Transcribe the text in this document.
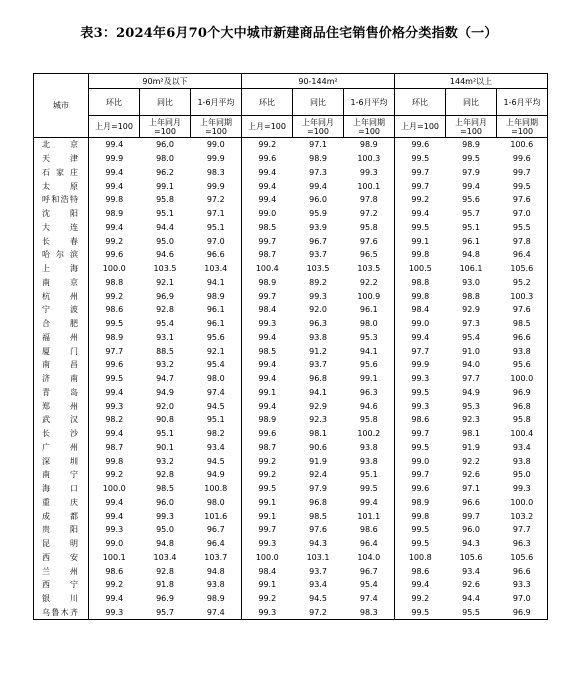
表3：2024年6月70个大中城市新建商品住宅销售价格分类指数（一）
城市	90m²及以下			90-144m²			144m²以上		
	环比	同比	1-6月平均	环比	同比	1-6月平均	环比	同比	1-6月平均
	上月=100	上年同月=100	上年同期=100	上月=100	上年同月=100	上年同期=100	上月=100	上年同月=100	上年同期=100
北京	99.4	96.0	99.0	99.2	97.1	98.9	99.6	98.9	100.6
天津	99.9	98.0	99.9	99.6	98.9	100.3	99.5	99.5	99.6
石家庄	99.4	96.2	98.3	99.4	97.3	99.3	99.7	97.9	99.7
太原	99.4	99.1	99.9	99.4	99.4	100.1	99.7	99.4	99.5
呼和浩特	99.8	95.8	97.2	99.4	96.0	97.8	99.2	95.6	97.6
沈阳	98.9	95.1	97.1	99.0	95.9	97.2	99.4	95.7	97.0
大连	99.4	94.4	95.1	98.5	93.9	95.8	99.5	95.1	95.5
长春	99.2	95.0	97.0	99.7	96.7	97.6	99.1	96.1	97.8
哈尔滨	99.6	94.6	96.6	98.7	93.7	96.5	99.8	94.8	96.4
上海	100.0	103.5	103.4	100.4	103.5	103.5	100.5	106.1	105.6
南京	98.8	92.1	94.1	98.9	89.2	92.2	98.8	93.0	95.2
杭州	99.2	96.9	98.9	99.7	99.3	100.9	99.8	98.8	100.3
宁波	98.6	92.8	96.1	98.4	92.0	96.1	98.4	92.9	97.6
合肥	99.5	95.4	96.1	99.3	96.3	98.0	99.0	97.3	98.5
福州	98.9	93.1	95.6	99.4	93.8	95.3	99.4	95.4	96.6
厦门	97.7	88.5	92.1	98.5	91.2	94.1	97.7	91.0	93.8
南昌	99.6	93.2	95.4	99.4	93.7	95.6	99.9	94.0	95.6
济南	99.5	94.7	98.0	99.4	96.8	99.1	99.3	97.7	100.0
青岛	99.4	94.9	97.4	99.1	94.1	96.3	99.5	94.9	96.9
郑州	99.3	92.0	94.5	99.4	92.9	94.6	99.3	95.3	96.8
武汉	98.2	90.8	95.1	98.9	92.3	95.8	98.6	92.3	95.8
长沙	99.4	95.1	98.2	99.6	98.1	100.2	99.7	98.1	100.4
广州	98.7	90.1	93.4	98.7	90.6	93.8	99.5	91.9	93.4
深圳	99.8	93.2	94.5	99.2	91.9	93.8	99.0	92.2	93.8
南宁	99.2	92.8	94.9	99.2	92.4	95.1	99.7	92.6	95.0
海口	100.0	98.5	100.8	99.5	97.9	99.5	99.6	97.1	99.3
重庆	99.4	96.0	98.0	99.1	96.8	99.4	98.9	96.6	100.0
成都	99.4	99.3	101.6	99.1	98.5	101.1	99.8	99.7	103.2
贵阳	99.3	95.0	96.7	99.7	97.6	98.6	99.5	96.0	97.7
昆明	99.0	94.8	96.4	99.3	94.3	96.4	99.5	94.3	96.3
西安	100.1	103.4	103.7	100.0	103.1	104.0	100.8	105.6	105.6
兰州	98.6	92.8	94.8	98.4	93.7	96.7	98.6	93.4	96.6
西宁	99.2	91.8	93.8	99.1	93.4	95.4	99.4	92.6	93.3
银川	99.4	96.9	98.9	99.2	94.5	97.4	99.2	94.4	97.0
乌鲁木齐	99.3	95.7	97.4	99.3	97.2	98.3	99.5	95.5	96.9
